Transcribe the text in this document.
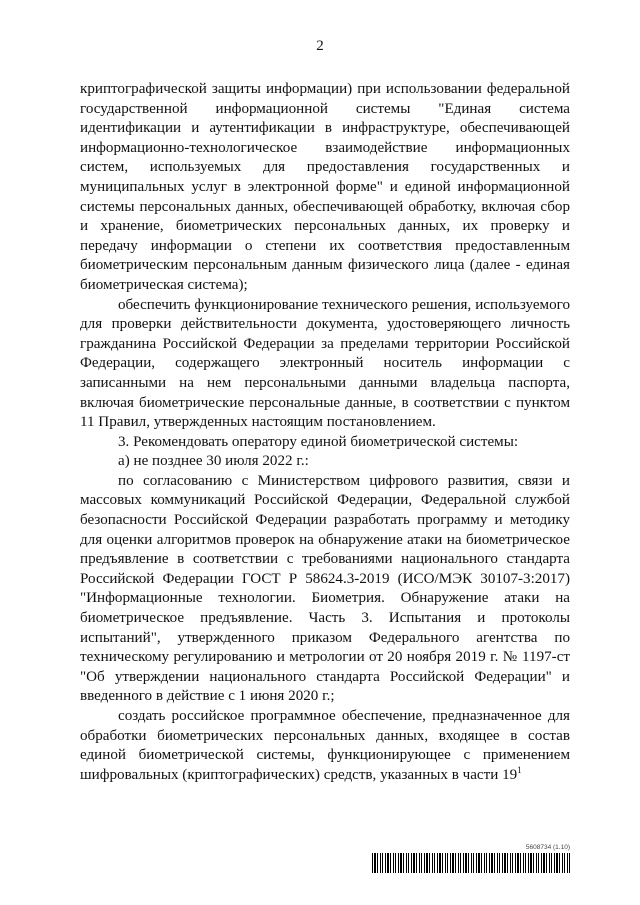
2

криптографической защиты информации) при использовании федеральной государственной информационной системы "Единая система идентификации и аутентификации в инфраструктуре, обеспечивающей информационно-технологическое взаимодействие информационных систем, используемых для предоставления государственных и муниципальных услуг в электронной форме" и единой информационной системы персональных данных, обеспечивающей обработку, включая сбор и хранение, биометрических персональных данных, их проверку и передачу информации о степени их соответствия предоставленным биометрическим персональным данным физического лица (далее - единая биометрическая система);

обеспечить функционирование технического решения, используемого для проверки действительности документа, удостоверяющего личность гражданина Российской Федерации за пределами территории Российской Федерации, содержащего электронный носитель информации с записанными на нем персональными данными владельца паспорта, включая биометрические персональные данные, в соответствии с пунктом 11 Правил, утвержденных настоящим постановлением.

3. Рекомендовать оператору единой биометрической системы:

а) не позднее 30 июля 2022 г.:

по согласованию с Министерством цифрового развития, связи и массовых коммуникаций Российской Федерации, Федеральной службой безопасности Российской Федерации разработать программу и методику для оценки алгоритмов проверок на обнаружение атаки на биометрическое предъявление в соответствии с требованиями национального стандарта Российской Федерации ГОСТ Р 58624.3-2019 (ИСО/МЭК 30107-3:2017) "Информационные технологии. Биометрия. Обнаружение атаки на биометрическое предъявление. Часть 3. Испытания и протоколы испытаний", утвержденного приказом Федерального агентства по техническому регулированию и метрологии от 20 ноября 2019 г. № 1197-ст "Об утверждении национального стандарта Российской Федерации" и введенного в действие с 1 июня 2020 г.;

создать российское программное обеспечение, предназначенное для обработки биометрических персональных данных, входящее в состав единой биометрической системы, функционирующее с применением шифровальных (криптографических) средств, указанных в части $19^1$

5608734 (1.10)
